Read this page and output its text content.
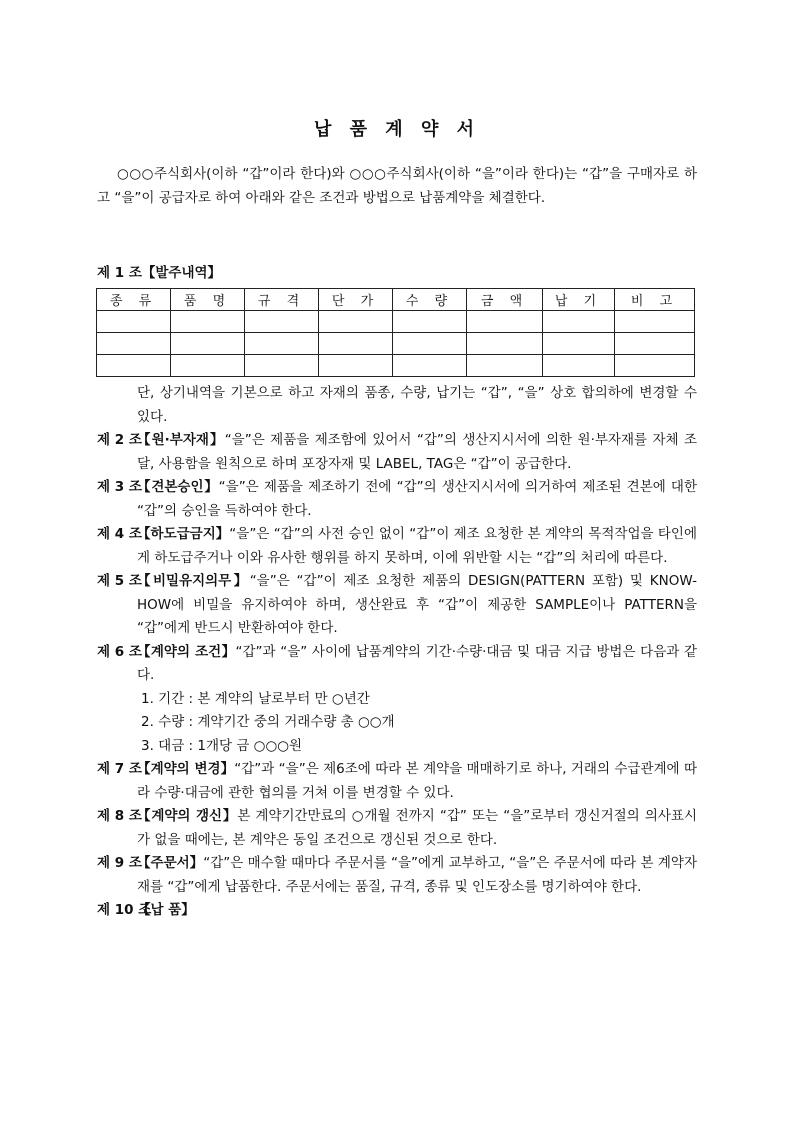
납 품 계 약 서

○○○주식회사(이하 “갑”이라 한다)와 ○○○주식회사(이하 “을”이라 한다)는 “갑”을 구매자로 하고 “을”이 공급자로 하여 아래와 같은 조건과 방법으로 납품계약을 체결한다.

제 1 조【발주내역】
종 류	품 명	규 격	단 가	수 량	금 액	납 기	비 고

단, 상기내역을 기본으로 하고 자재의 품종, 수량, 납기는 “갑”, “을” 상호 합의하에 변경할 수 있다.
제 2 조
【원·부자재】“을”은 제품을 제조함에 있어서 “갑”의 생산지시서에 의한 원·부자재를 자체 조달, 사용함을 원칙으로 하며 포장자재 및 LABEL, TAG은 “갑”이 공급한다.
제 3 조
【견본승인】“을”은 제품을 제조하기 전에 “갑”의 생산지시서에 의거하여 제조된 견본에 대한 “갑”의 승인을 득하여야 한다.
제 4 조
【하도급금지】“을”은 “갑”의 사전 승인 없이 “갑”이 제조 요청한 본 계약의 목적작업을 타인에게 하도급주거나 이와 유사한 행위를 하지 못하며, 이에 위반할 시는 “갑”의 처리에 따른다.
제 5 조
【비밀유지의무】“을”은 “갑”이 제조 요청한 제품의 DESIGN(PATTERN 포함) 및 KNOW-HOW에 비밀을 유지하여야 하며, 생산완료 후 “갑”이 제공한 SAMPLE이나 PATTERN을 “갑”에게 반드시 반환하여야 한다.
제 6 조
【계약의 조건】“갑”과 “을” 사이에 납품계약의 기간·수량·대금 및 대금 지급 방법은 다음과 같다.
1. 기간 : 본 계약의 날로부터 만 ○년간
2. 수량 : 계약기간 중의 거래수량 총 ○○개
3. 대금 : 1개당 금 ○○○원
제 7 조
【계약의 변경】“갑”과 “을”은 제6조에 따라 본 계약을 매매하기로 하나, 거래의 수급관계에 따라 수량·대금에 관한 협의를 거쳐 이를 변경할 수 있다.
제 8 조
【계약의 갱신】본 계약기간만료의 ○개월 전까지 “갑” 또는 “을”로부터 갱신거절의 의사표시가 없을 때에는, 본 계약은 동일 조건으로 갱신된 것으로 한다.
제 9 조
【주문서】“갑”은 매수할 때마다 주문서를 “을”에게 교부하고, “을”은 주문서에 따라 본 계약자재를 “갑”에게 납품한다. 주문서에는 품질, 규격, 종류 및 인도장소를 명기하여야 한다.
제 10 조
【납 품】
